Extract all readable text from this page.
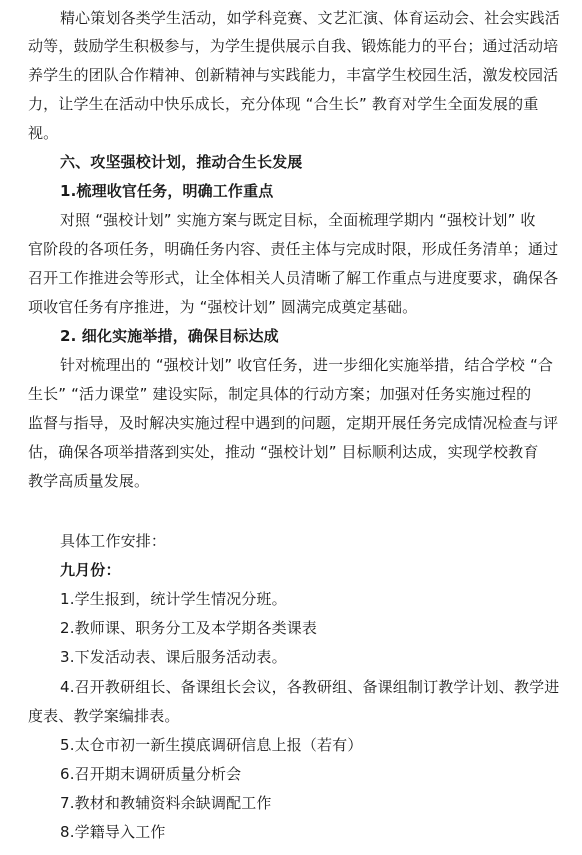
精心策划各类学生活动，如学科竞赛、文艺汇演、体育运动会、社会实践活
动等，鼓励学生积极参与，为学生提供展示自我、锻炼能力的平台；通过活动培
养学生的团队合作精神、创新精神与实践能力，丰富学生校园生活，激发校园活
力，让学生在活动中快乐成长，充分体现 “合生长” 教育对学生全面发展的重
视。
六、攻坚强校计划，推动合生长发展
1.梳理收官任务，明确工作重点
对照 “强校计划” 实施方案与既定目标，全面梳理学期内 “强校计划” 收
官阶段的各项任务，明确任务内容、责任主体与完成时限，形成任务清单；通过
召开工作推进会等形式，让全体相关人员清晰了解工作重点与进度要求，确保各
项收官任务有序推进，为 “强校计划” 圆满完成奠定基础。
2. 细化实施举措，确保目标达成
针对梳理出的 “强校计划” 收官任务，进一步细化实施举措，结合学校 “合
生长” “活力课堂” 建设实际，制定具体的行动方案；加强对任务实施过程的
监督与指导，及时解决实施过程中遇到的问题，定期开展任务完成情况检查与评
估，确保各项举措落到实处，推动 “强校计划” 目标顺利达成，实现学校教育
教学高质量发展。
具体工作安排：
九月份：
1.学生报到，统计学生情况分班。
2.教师课、职务分工及本学期各类课表
3.下发活动表、课后服务活动表。
4.召开教研组长、备课组长会议，各教研组、备课组制订教学计划、教学进
度表、教学案编排表。
5.太仓市初一新生摸底调研信息上报（若有）
6.召开期末调研质量分析会
7.教材和教辅资料余缺调配工作
8.学籍导入工作
